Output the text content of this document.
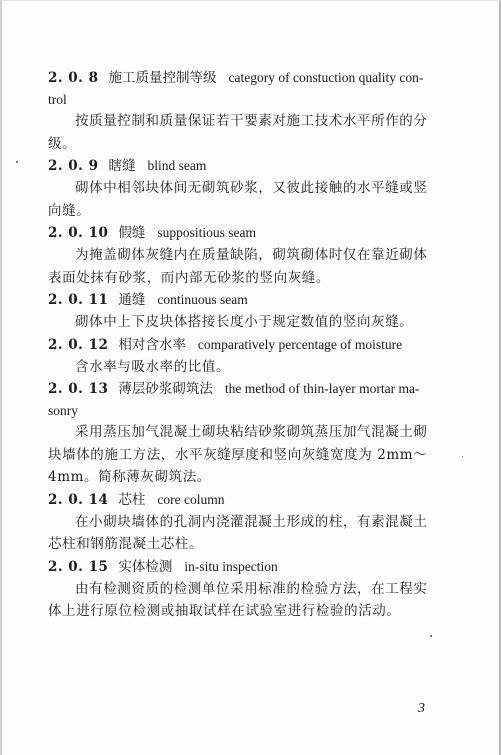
2. 0. 8 施工质量控制等级 category of constuction quality con-
trol
按质量控制和质量保证若干要素对施工技术水平所作的分级。
2. 0. 9 瞎缝 blind seam
砌体中相邻块体间无砌筑砂浆，又彼此接触的水平缝或竖向缝。
2. 0. 10 假缝 suppositious seam
为掩盖砌体灰缝内在质量缺陷，砌筑砌体时仅在靠近砌体表面处抹有砂浆，而内部无砂浆的竖向灰缝。
2. 0. 11 通缝 continuous seam
砌体中上下皮块体搭接长度小于规定数值的竖向灰缝。
2. 0. 12 相对含水率 comparatively percentage of moisture
含水率与吸水率的比值。
2. 0. 13 薄层砂浆砌筑法 the method of thin-layer mortar ma-
sonry
采用蒸压加气混凝土砌块粘结砂浆砌筑蒸压加气混凝土砌块墙体的施工方法，水平灰缝厚度和竖向灰缝宽度为 2mm～4mm。简称薄灰砌筑法。
2. 0. 14 芯柱 core column
在小砌块墙体的孔洞内浇灌混凝土形成的柱，有素混凝土芯柱和钢筋混凝土芯柱。
2. 0. 15 实体检测 in-situ inspection
由有检测资质的检测单位采用标准的检验方法，在工程实体上进行原位检测或抽取试样在试验室进行检验的活动。
3
